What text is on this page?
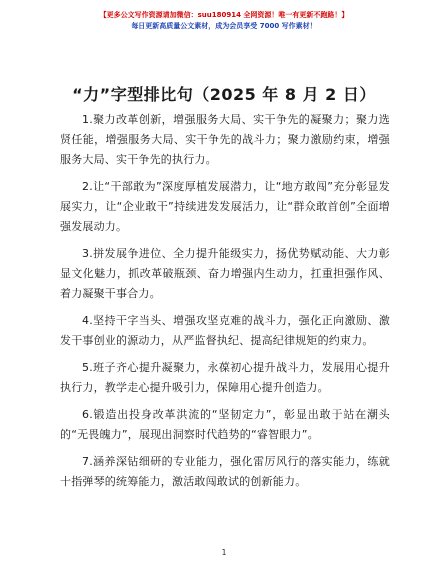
【更多公文写作资源请加微信：suu180914 全网资源！唯一有更新不跑路！】
每日更新高质量公文素材，成为会员享受 7000 写作素材！
“力”字型排比句（2025 年 8 月 2 日）

1.聚力改革创新，增强服务大局、实干争先的凝聚力；聚力选贤任能，增强服务大局、实干争先的战斗力；聚力激励约束，增强服务大局、实干争先的执行力。

2.让“干部敢为”深度厚植发展潜力，让“地方敢闯”充分彰显发展实力，让“企业敢干”持续进发发展活力，让“群众敢首创”全面增强发展动力。

3.拼发展争进位、全力提升能级实力，扬优势赋动能、大力彰显文化魅力，抓改革破瓶颈、奋力增强内生动力，扛重担强作风、着力凝聚干事合力。

4.坚持干字当头、增强攻坚克难的战斗力，强化正向激励、激发干事创业的源动力，从严监督执纪、提高纪律规矩的约束力。

5.班子齐心提升凝聚力，永葆初心提升战斗力，发展用心提升执行力，教学走心提升吸引力，保障用心提升创造力。

6.锻造出投身改革洪流的“坚韧定力”，彰显出敢于站在潮头的“无畏魄力”，展现出洞察时代趋势的“睿智眼力”。

7.涵养深钻细研的专业能力，强化雷厉风行的落实能力，练就十指弹琴的统筹能力，激活敢闯敢试的创新能力。

1
